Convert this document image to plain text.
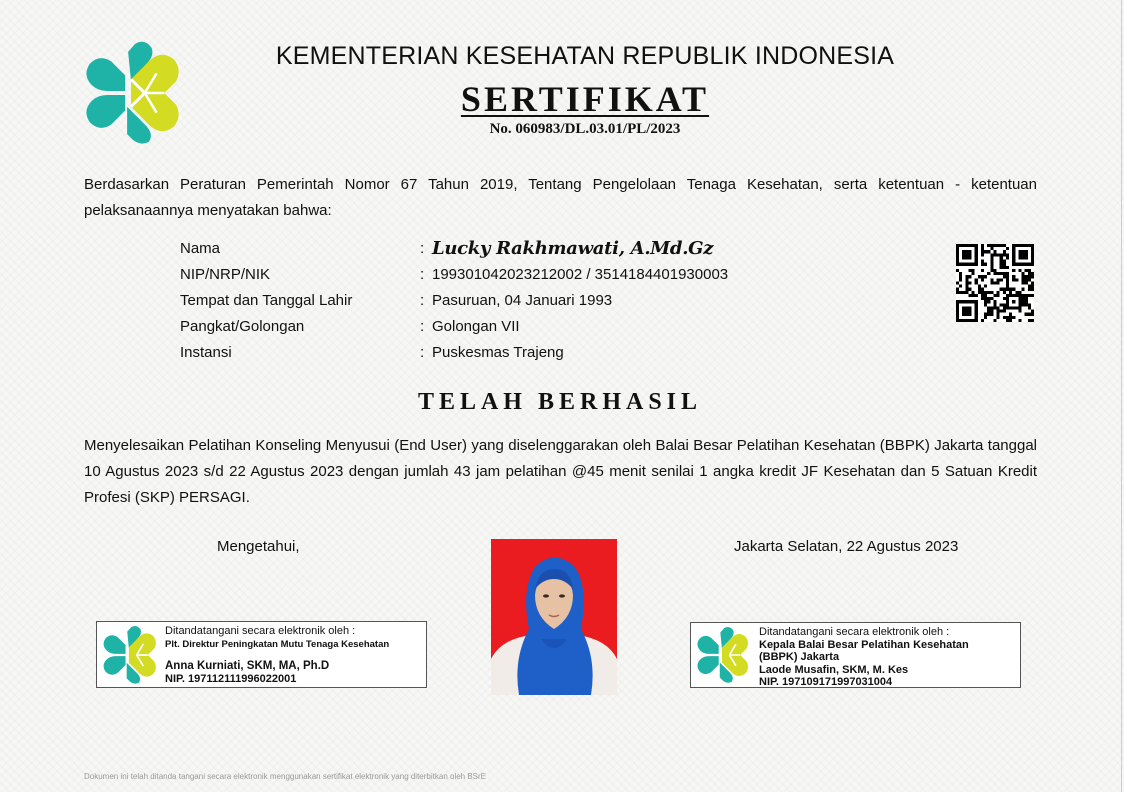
KEMENTERIAN KESEHATAN REPUBLIK INDONESIA
SERTIFIKAT
No. 060983/DL.03.01/PL/2023
Berdasarkan Peraturan Pemerintah Nomor 67 Tahun 2019, Tentang Pengelolaan Tenaga Kesehatan, serta ketentuan - ketentuan pelaksanaannya menyatakan bahwa:
Nama	: Lucky Rakhmawati, A.Md.Gz
NIP/NRP/NIK	: 199301042023212002 / 3514184401930003
Tempat dan Tanggal Lahir	: Pasuruan, 04 Januari 1993
Pangkat/Golongan	: Golongan VII
Instansi	: Puskesmas Trajeng
TELAH BERHASIL
Menyelesaikan Pelatihan Konseling Menyusui (End User) yang diselenggarakan oleh Balai Besar Pelatihan Kesehatan (BBPK) Jakarta tanggal 10 Agustus 2023 s/d 22 Agustus 2023 dengan jumlah 43 jam pelatihan @45 menit senilai 1 angka kredit JF Kesehatan dan 5 Satuan Kredit Profesi (SKP) PERSAGI.
Mengetahui,	Jakarta Selatan, 22 Agustus 2023
Ditandatangani secara elektronik oleh :
Plt. Direktur Peningkatan Mutu Tenaga Kesehatan
Anna Kurniati, SKM, MA, Ph.D
NIP. 197112111996022001
Ditandatangani secara elektronik oleh :
Kepala Balai Besar Pelatihan Kesehatan
(BBPK) Jakarta
Laode Musafin, SKM, M. Kes
NIP. 197109171997031004
Dokumen ini telah ditanda tangani secara elektronik menggunakan sertifikat elektronik yang diterbitkan oleh BSrE
